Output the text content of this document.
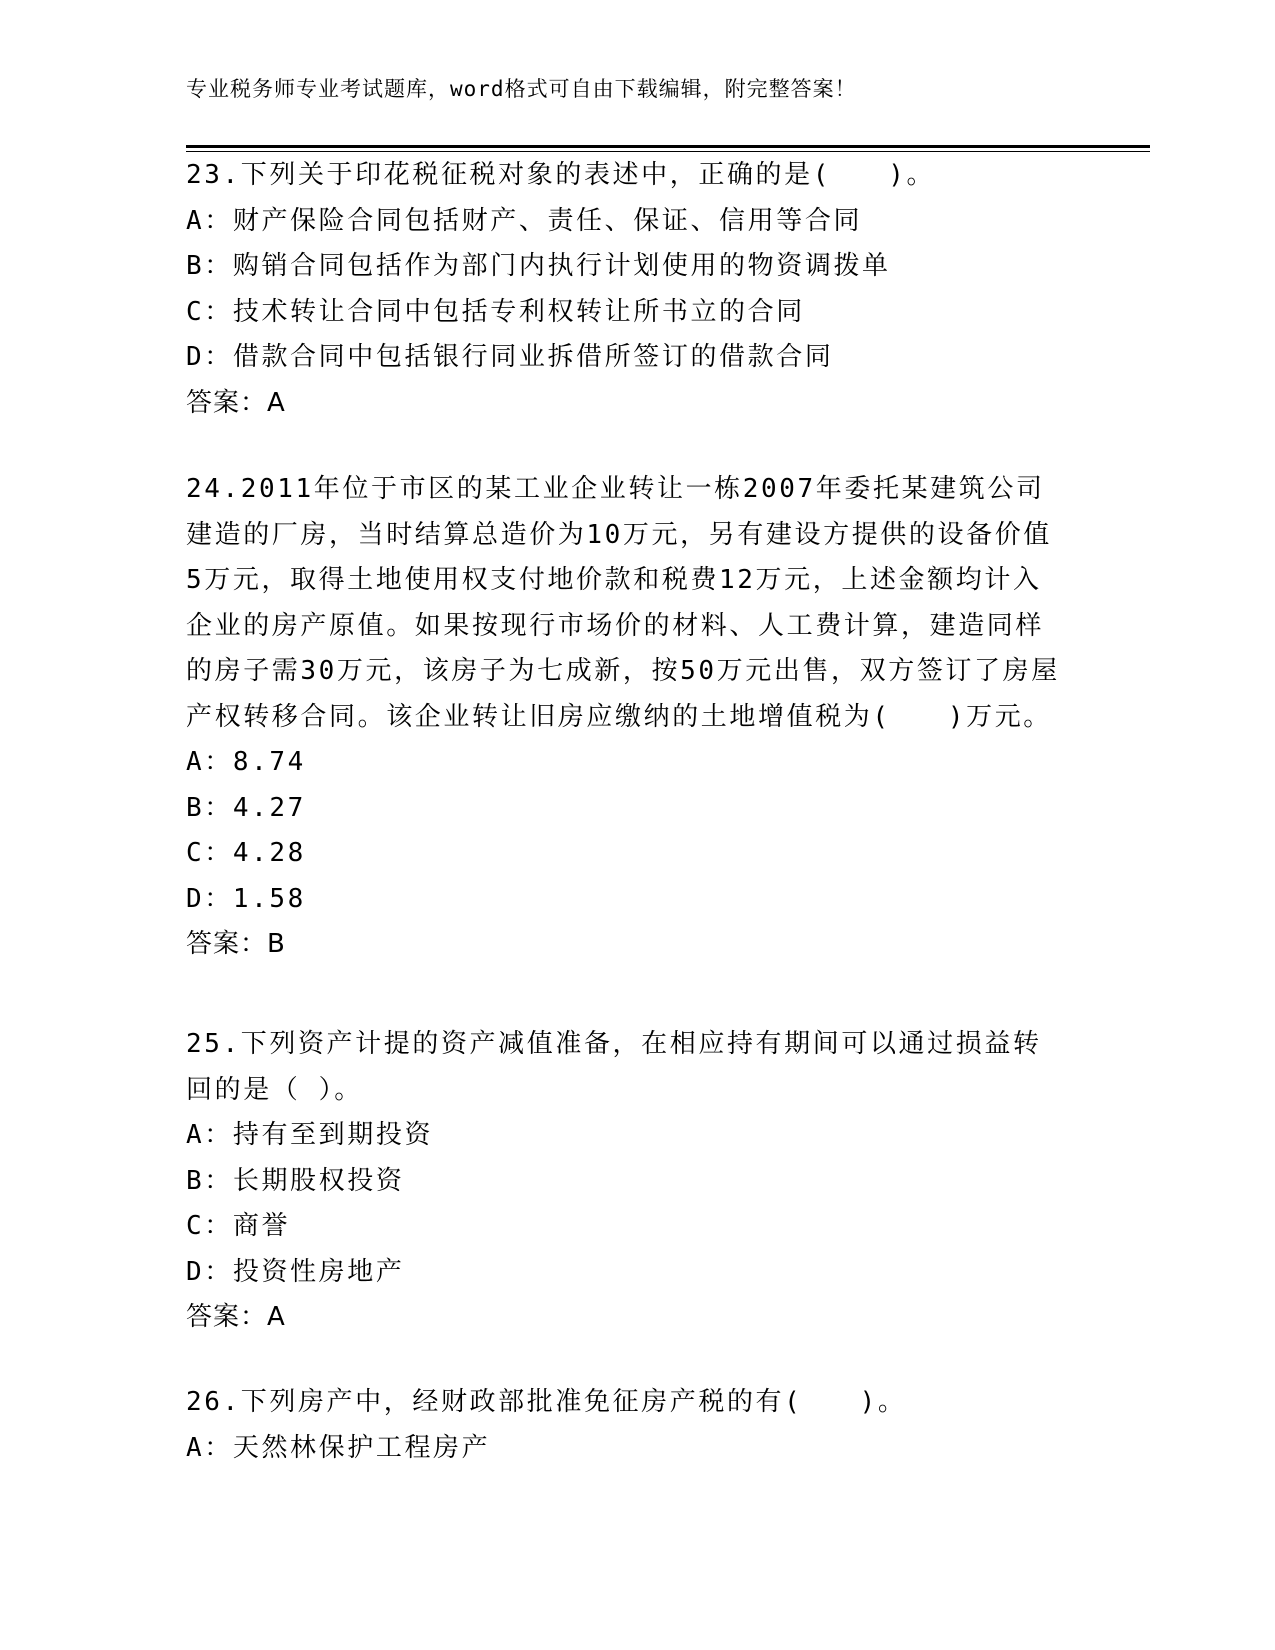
专业税务师专业考试题库，word格式可自由下载编辑，附完整答案！

23.下列关于印花税征税对象的表述中，正确的是(　　)。

A：财产保险合同包括财产、责任、保证、信用等合同

B：购销合同包括作为部门内执行计划使用的物资调拨单

C：技术转让合同中包括专利权转让所书立的合同

D：借款合同中包括银行同业拆借所签订的借款合同

答案：A

24.2011年位于市区的某工业企业转让一栋2007年委托某建筑公司建造的厂房，当时结算总造价为10万元，另有建设方提供的设备价值5万元，取得土地使用权支付地价款和税费12万元，上述金额均计入企业的房产原值。如果按现行市场价的材料、人工费计算，建造同样的房子需30万元，该房子为七成新，按50万元出售，双方签订了房屋产权转移合同。该企业转让旧房应缴纳的土地增值税为(　　)万元。

A：8.74

B：4.27

C：4.28

D：1.58

答案：B

25.下列资产计提的资产减值准备，在相应持有期间可以通过损益转回的是（ ）。

A：持有至到期投资

B：长期股权投资

C：商誉

D：投资性房地产

答案：A

26.下列房产中，经财政部批准免征房产税的有(　　)。

A：天然林保护工程房产
